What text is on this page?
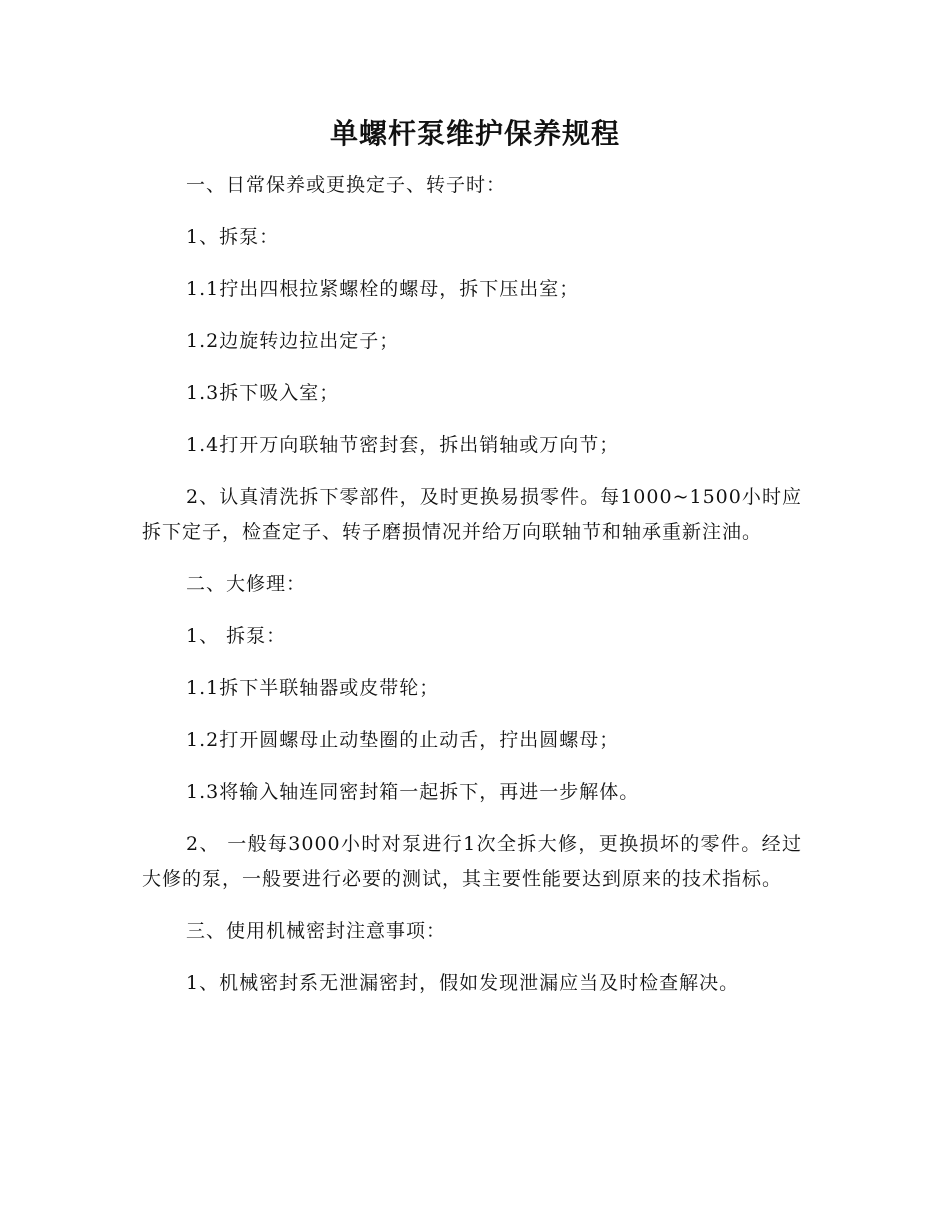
单螺杆泵维护保养规程

一、日常保养或更换定子、转子时：

1、拆泵：

1.1拧出四根拉紧螺栓的螺母，拆下压出室；

1.2边旋转边拉出定子；

1.3拆下吸入室；

1.4打开万向联轴节密封套，拆出销轴或万向节；

2、认真清洗拆下零部件，及时更换易损零件。每1000~1500小时应拆下定子，检查定子、转子磨损情况并给万向联轴节和轴承重新注油。

二、大修理：

1、 拆泵：

1.1拆下半联轴器或皮带轮；

1.2打开圆螺母止动垫圈的止动舌，拧出圆螺母；

1.3将输入轴连同密封箱一起拆下，再进一步解体。

2、 一般每3000小时对泵进行1次全拆大修，更换损坏的零件。经过大修的泵，一般要进行必要的测试，其主要性能要达到原来的技术指标。

三、使用机械密封注意事项：

1、机械密封系无泄漏密封，假如发现泄漏应当及时检查解决。
